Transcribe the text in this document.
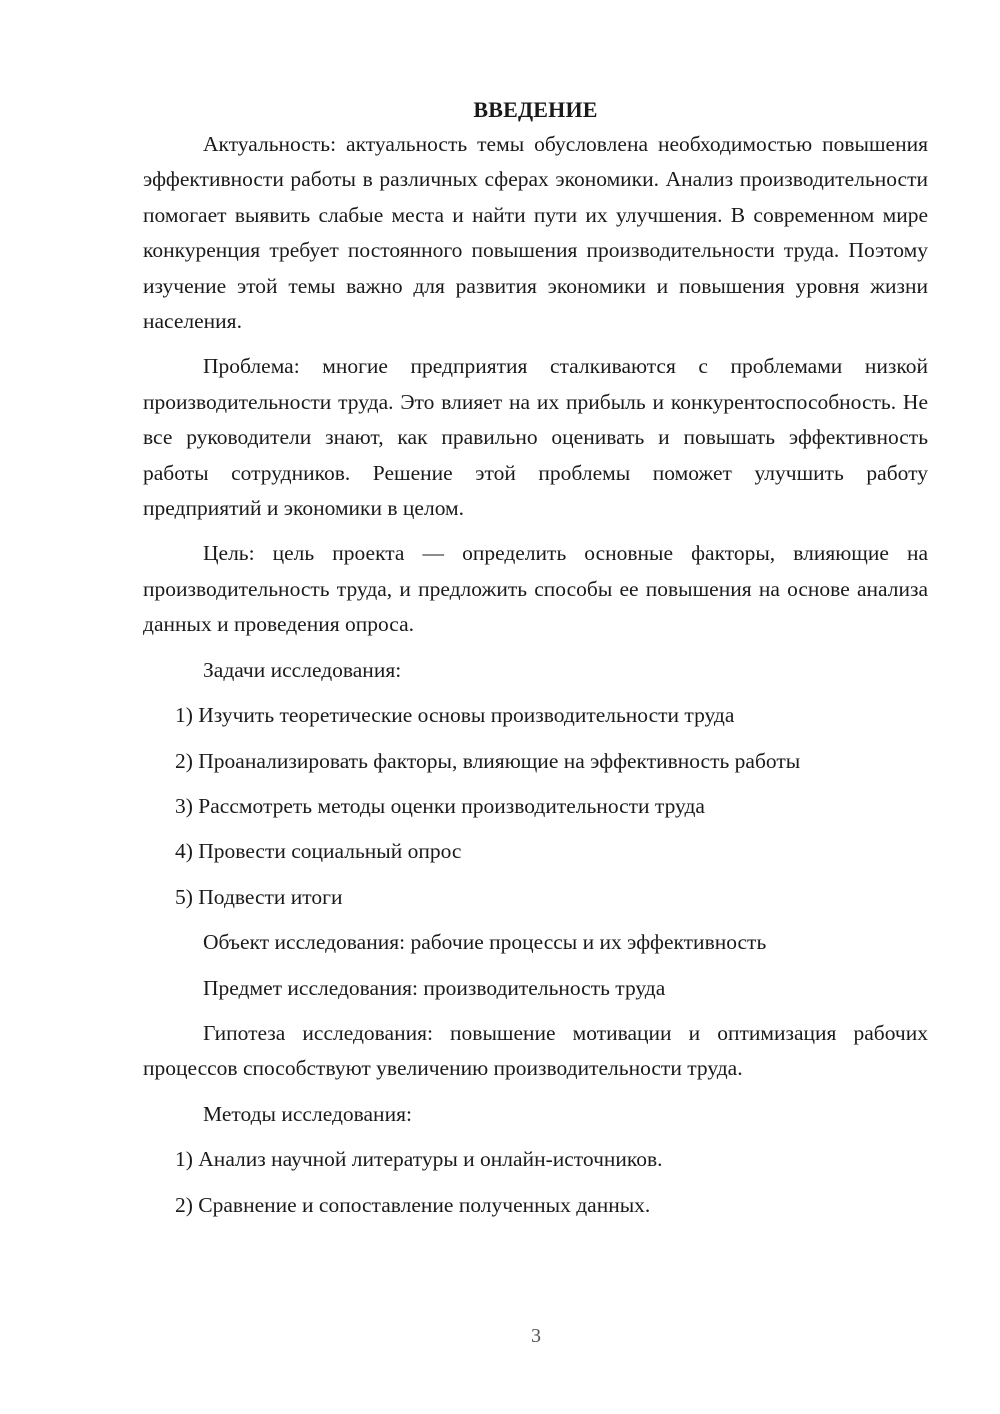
ВВЕДЕНИЕ

Актуальность: актуальность темы обусловлена необходимостью повышения эффективности работы в различных сферах экономики. Анализ производительности помогает выявить слабые места и найти пути их улучшения. В современном мире конкуренция требует постоянного повышения производительности труда. Поэтому изучение этой темы важно для развития экономики и повышения уровня жизни населения.

Проблема: многие предприятия сталкиваются с проблемами низкой производительности труда. Это влияет на их прибыль и конкурентоспособность. Не все руководители знают, как правильно оценивать и повышать эффективность работы сотрудников. Решение этой проблемы поможет улучшить работу предприятий и экономики в целом.

Цель: цель проекта — определить основные факторы, влияющие на производительность труда, и предложить способы ее повышения на основе анализа данных и проведения опроса.

Задачи исследования:
1) Изучить теоретические основы производительности труда
2) Проанализировать факторы, влияющие на эффективность работы
3) Рассмотреть методы оценки производительности труда
4) Провести социальный опрос
5) Подвести итоги
Объект исследования: рабочие процессы и их эффективность
Предмет исследования: производительность труда

Гипотеза исследования: повышение мотивации и оптимизация рабочих процессов способствуют увеличению производительности труда.

Методы исследования:
1) Анализ научной литературы и онлайн-источников.
2) Сравнение и сопоставление полученных данных.
3
